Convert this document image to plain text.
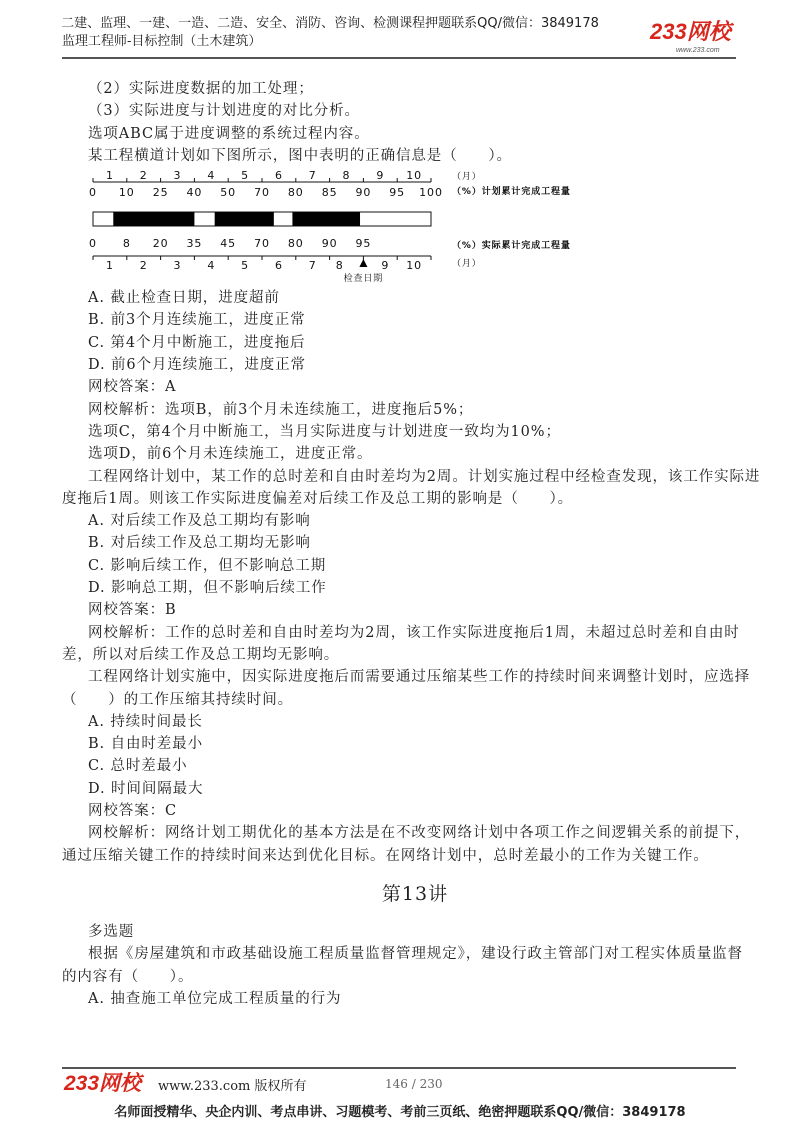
二建、监理、一建、一造、二造、安全、消防、咨询、检测课程押题联系QQ/微信：3849178
监理工程师-目标控制（土木建筑）	233网校
www.233.com
（2）实际进度数据的加工处理；
（3）实际进度与计划进度的对比分析。
选项ABC属于进度调整的系统过程内容。
某工程横道计划如下图所示，图中表明的正确信息是（　　）。
1 2 3 4 5 6 7 8 9 10
0 10 25 40 50 70 80 85 90 95 100
（月）
（%）计划累计完成工程量
0 8 20 35 45 70 80 90 95	（%）实际累计完成工程量
1 2 3 4 5 6 7 8	9 10	（月）
检查日期
A. 截止检查日期，进度超前
B. 前3个月连续施工，进度正常
C. 第4个月中断施工，进度拖后
D. 前6个月连续施工，进度正常
网校答案：A
网校解析：选项B，前3个月未连续施工，进度拖后5%；
选项C，第4个月中断施工，当月实际进度与计划进度一致均为10%；
选项D，前6个月未连续施工，进度正常。
工程网络计划中，某工作的总时差和自由时差均为2周。计划实施过程中经检查发现，该工作实际进
度拖后1周。则该工作实际进度偏差对后续工作及总工期的影响是（　　）。
A. 对后续工作及总工期均有影响
B. 对后续工作及总工期均无影响
C. 影响后续工作，但不影响总工期
D. 影响总工期，但不影响后续工作
网校答案：B
网校解析：工作的总时差和自由时差均为2周，该工作实际进度拖后1周，未超过总时差和自由时
差，所以对后续工作及总工期均无影响。
工程网络计划实施中，因实际进度拖后而需要通过压缩某些工作的持续时间来调整计划时，应选择
（　　）的工作压缩其持续时间。
A. 持续时间最长
B. 自由时差最小
C. 总时差最小
D. 时间间隔最大
网校答案：C
网校解析：网络计划工期优化的基本方法是在不改变网络计划中各项工作之间逻辑关系的前提下，
通过压缩关键工作的持续时间来达到优化目标。在网络计划中，总时差最小的工作为关键工作。
第13讲
多选题
根据《房屋建筑和市政基础设施工程质量监督管理规定》，建设行政主管部门对工程实体质量监督
的内容有（　　）。
A. 抽查施工单位完成工程质量的行为
233网校 www.233.com 版权所有	146 / 230
名师面授精华、央企内训、考点串讲、习题模考、考前三页纸、绝密押题联系QQ/微信：3849178
